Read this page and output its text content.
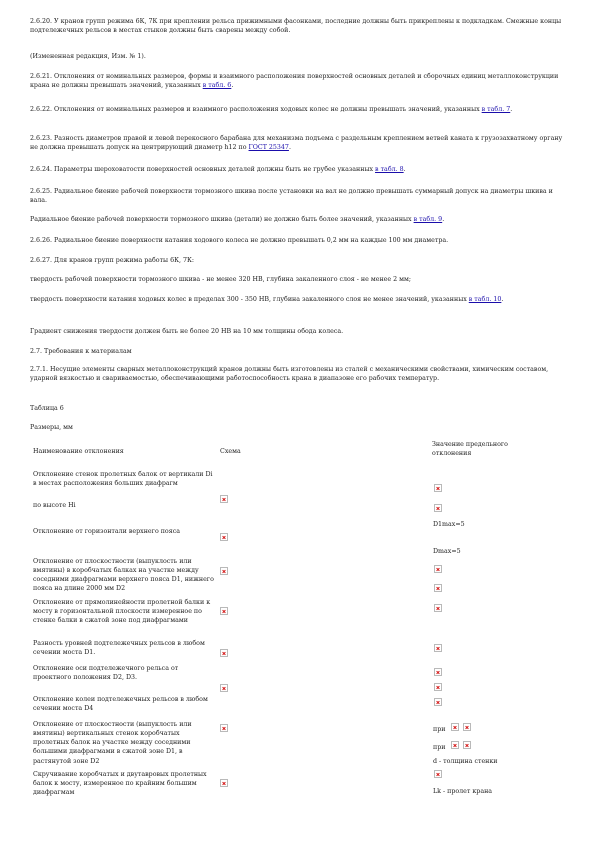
2.6.20. У кранов групп режима 6К, 7К при креплении рельса прижимными фасонками, последние должны быть прикреплены к подкладкам. Смежные концы подтележечных рельсов в местах стыков должны быть сварены между собой.

(Измененная редакция, Изм. № 1).

2.6.21. Отклонения от номинальных размеров, формы и взаимного расположения поверхностей основных деталей и сборочных единиц металлоконструкции крана не должны превышать значений, указанных в табл. 6.

2.6.22. Отклонения от номинальных размеров и взаимного расположения ходовых колес не должны превышать значений, указанных в табл. 7.

2.6.23. Разность диаметров правой и левой перекосного барабана для механизма подъема с раздельным креплением ветвей каната к грузозахватному органу не должна превышать допуск на центрирующий диаметр h12 по ГОСТ 25347.

2.6.24. Параметры шероховатости поверхностей основных деталей должны быть не грубее указанных в табл. 8.

2.6.25. Радиальное биение рабочей поверхности тормозного шкива после установки на вал не должно превышать суммарный допуск на диаметры шкива и вала.

Радиальное биение рабочей поверхности тормозного шкива (детали) не должно быть более значений, указанных в табл. 9.

2.6.26. Радиальное биение поверхности катания ходового колеса не должно превышать 0,2 мм на каждые 100 мм диаметра.

2.6.27. Для кранов групп режима работы 6К, 7К:

твердость рабочей поверхности тормозного шкива - не менее 320 HB, глубина закаленного слоя - не менее 2 мм;

твердость поверхности катания ходовых колес в пределах 300 - 350 HB, глубина закаленного слоя не менее значений, указанных в табл. 10.

Градиент снижения твердости должен быть не более 20 HB на 10 мм толщины обода колеса.

2.7. Требования к материалам

2.7.1. Несущие элементы сварных металлоконструкций кранов должны быть изготовлены из сталей с механическими свойствами, химическим составом, ударной вязкостью и свариваемостью, обеспечивающими работоспособность крана в диапазоне его рабочих температур.

Таблица 6

Размеры, мм

Наименование отклонения	Схема
Значение предельного отклонения
Отклонение стенок пролетных балок от вертикали Di в местах расположения больших диафрагм
по высоте Hi
Отклонение от горизонтали верхнего пояса
Отклонение от плоскостности (выпуклость или вмятины) в коробчатых балках на участке между соседними диафрагмами верхнего пояса D1, нижнего пояса на длине 2000 мм D2
Отклонение от прямолинейности пролетной балки к мосту в горизонтальной плоскости измеренное по стенке балки в сжатой зоне под диафрагмами
Разность уровней подтележечных рельсов в любом сечении моста D1.
Отклонение оси подтележечного рельса от проектного положения D2, D3.
Отклонение колеи подтележечных рельсов в любом сечении моста D4
Отклонение от плоскостности (выпуклость или вмятины) вертикальных стенок коробчатых пролетных балок на участке между соседними большими диафрагмами в сжатой зоне D1, в растянутой зоне D2
Скручивание коробчатых и двутавровых пролетных балок к мосту, измеренное по крайним большим диафрагмам
D1max=5
Dmax=5
при
при
d - толщина стенки
Lk - пролет крана
